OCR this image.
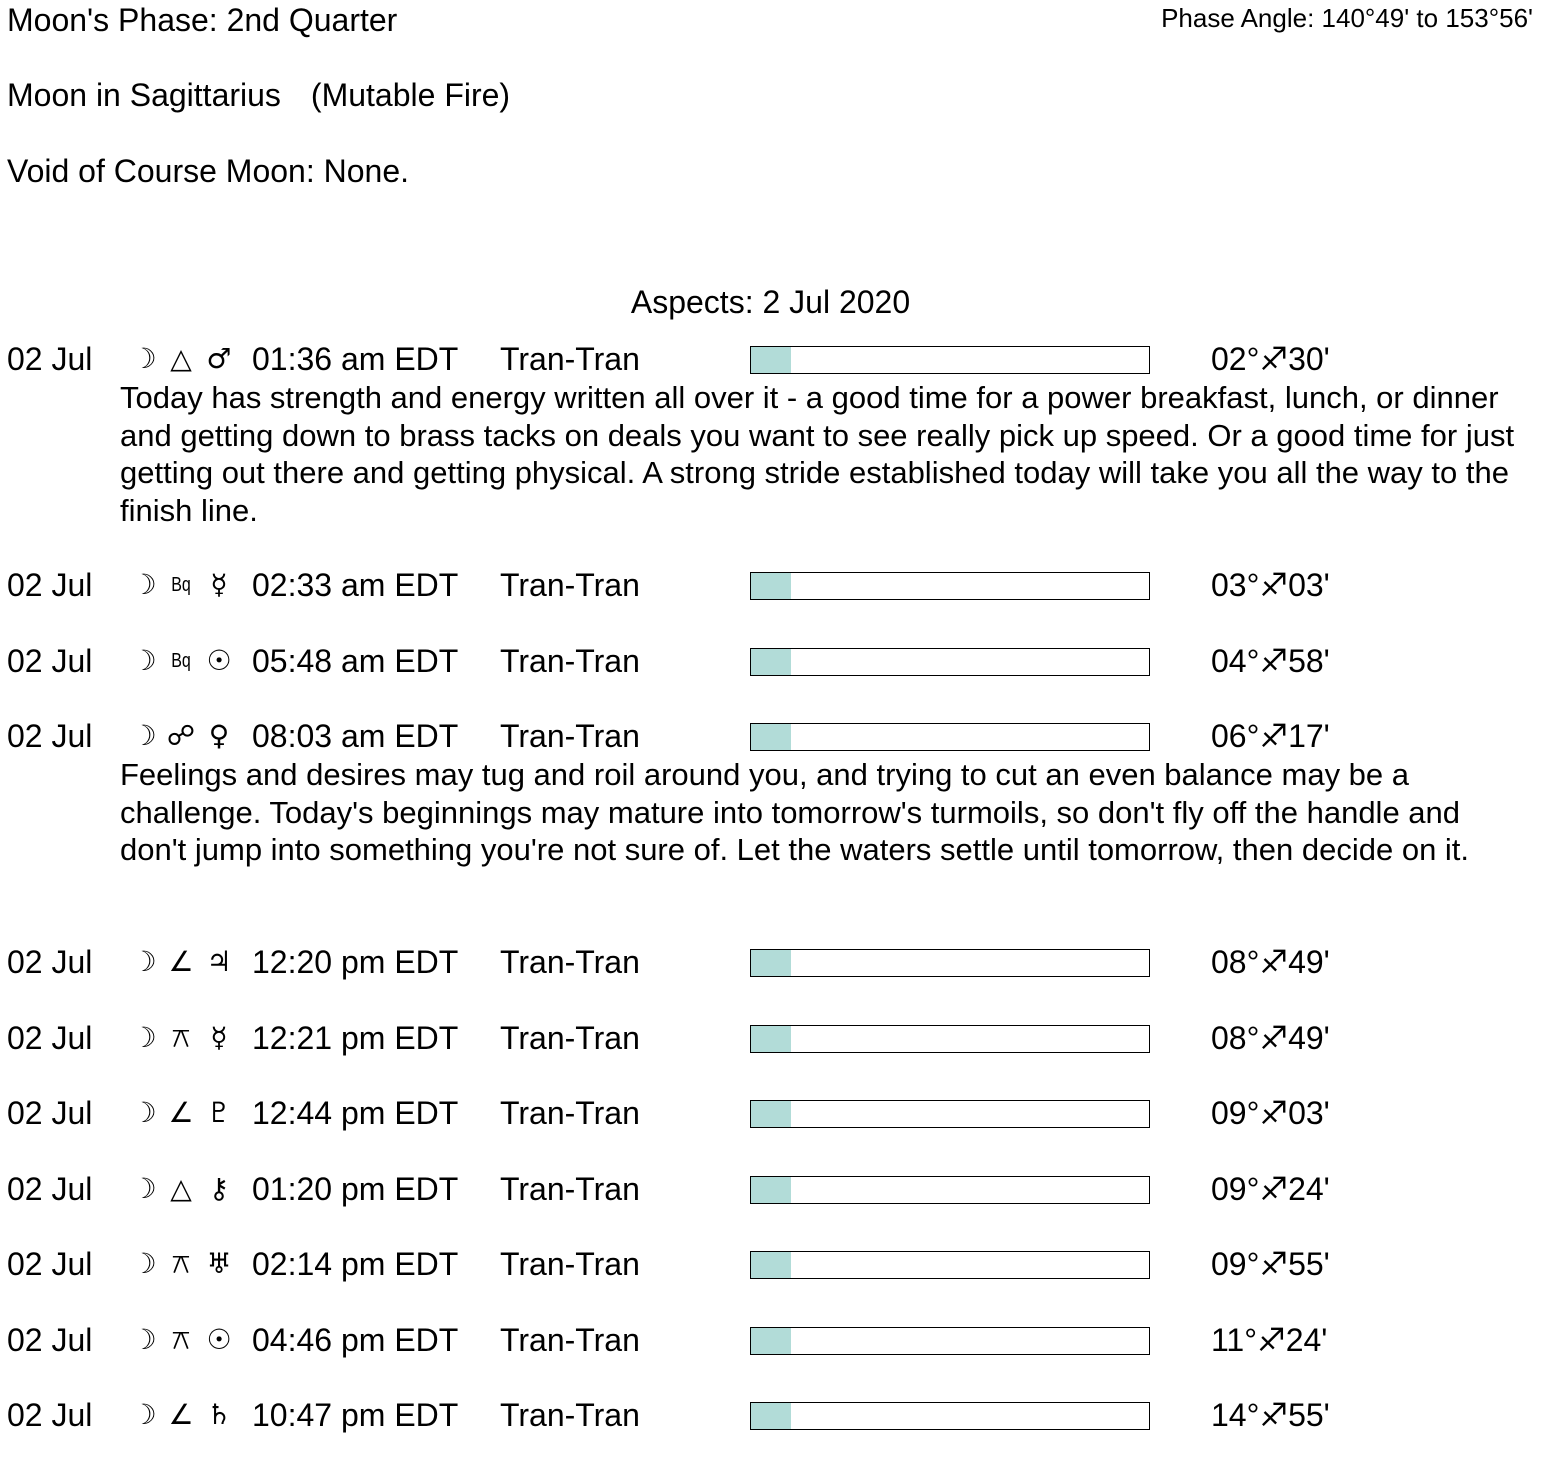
Moon's Phase: 2nd Quarter	Phase Angle: 140°49' to 153°56'
Moon in Sagittarius (Mutable Fire)
Void of Course Moon: None.
Aspects: 2 Jul 2020
02 Jul ☽ △ ♂ 01:36 am EDT Tran-Tran	02°♐30'
Today has strength and energy written all over it - a good time for a power breakfast, lunch, or dinner and getting down to brass tacks on deals you want to see really pick up speed. Or a good time for just getting out there and getting physical. A strong stride established today will take you all the way to the finish line.
02 Jul ☽ Bq ☿ 02:33 am EDT Tran-Tran	03°♐03'
02 Jul ☽ Bq ☉ 05:48 am EDT Tran-Tran	04°♐58'
02 Jul ☽ ☍ ♀ 08:03 am EDT Tran-Tran	06°♐17'
Feelings and desires may tug and roil around you, and trying to cut an even balance may be a challenge. Today's beginnings may mature into tomorrow's turmoils, so don't fly off the handle and don't jump into something you're not sure of. Let the waters settle until tomorrow, then decide on it.
02 Jul ☽ ∠ ♃ 12:20 pm EDT Tran-Tran	08°♐49'
02 Jul ☽ ⚻ ☿ 12:21 pm EDT Tran-Tran	08°♐49'
02 Jul ☽ ∠ ♇ 12:44 pm EDT Tran-Tran	09°♐03'
02 Jul ☽ △ ⚷ 01:20 pm EDT Tran-Tran	09°♐24'
02 Jul ☽ ⚻ ♅ 02:14 pm EDT Tran-Tran	09°♐55'
02 Jul ☽ ⚻ ☉ 04:46 pm EDT Tran-Tran	11°♐24'
02 Jul ☽ ∠ ♄ 10:47 pm EDT Tran-Tran	14°♐55'
